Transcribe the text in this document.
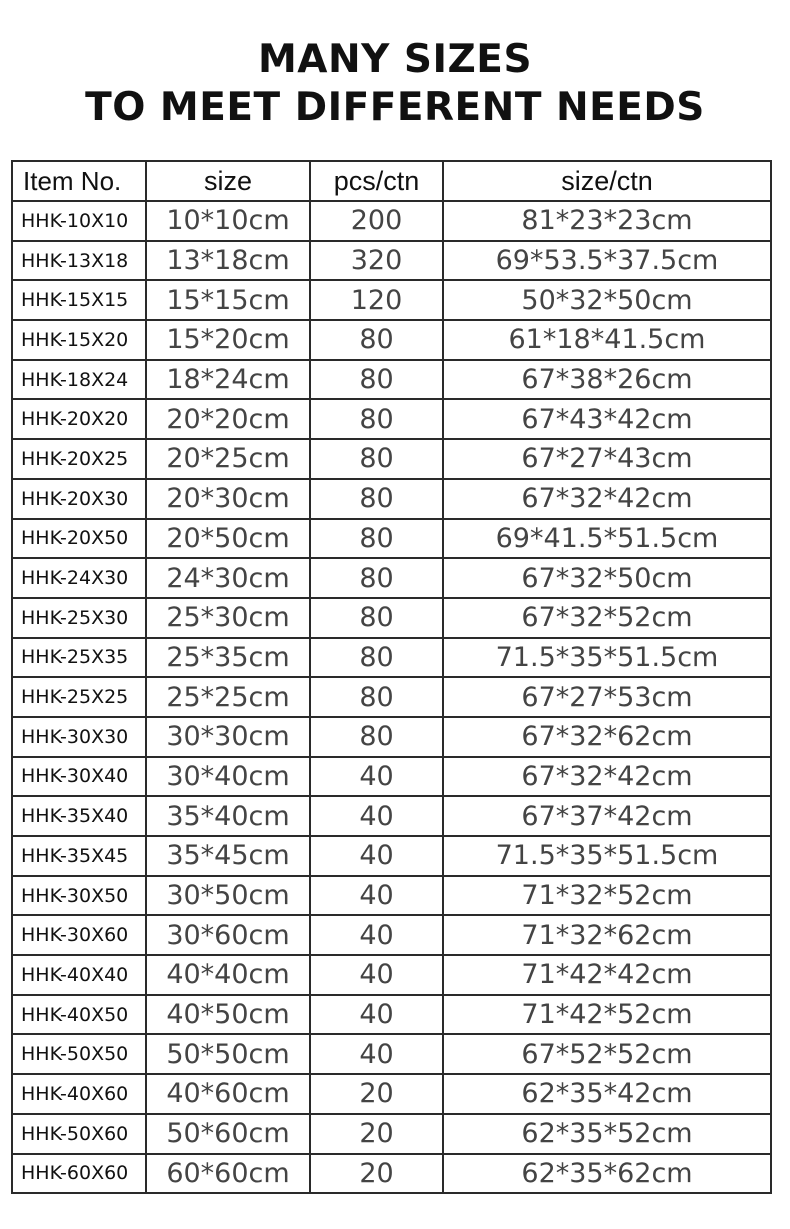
MANY SIZES
TO MEET DIFFERENT NEEDS
Item No.	size	pcs/ctn	size/ctn
HHK-10X10	10*10cm	200	81*23*23cm
HHK-13X18	13*18cm	320	69*53.5*37.5cm
HHK-15X15	15*15cm	120	50*32*50cm
HHK-15X20	15*20cm	80	61*18*41.5cm
HHK-18X24	18*24cm	80	67*38*26cm
HHK-20X20	20*20cm	80	67*43*42cm
HHK-20X25	20*25cm	80	67*27*43cm
HHK-20X30	20*30cm	80	67*32*42cm
HHK-20X50	20*50cm	80	69*41.5*51.5cm
HHK-24X30	24*30cm	80	67*32*50cm
HHK-25X30	25*30cm	80	67*32*52cm
HHK-25X35	25*35cm	80	71.5*35*51.5cm
HHK-25X25	25*25cm	80	67*27*53cm
HHK-30X30	30*30cm	80	67*32*62cm
HHK-30X40	30*40cm	40	67*32*42cm
HHK-35X40	35*40cm	40	67*37*42cm
HHK-35X45	35*45cm	40	71.5*35*51.5cm
HHK-30X50	30*50cm	40	71*32*52cm
HHK-30X60	30*60cm	40	71*32*62cm
HHK-40X40	40*40cm	40	71*42*42cm
HHK-40X50	40*50cm	40	71*42*52cm
HHK-50X50	50*50cm	40	67*52*52cm
HHK-40X60	40*60cm	20	62*35*42cm
HHK-50X60	50*60cm	20	62*35*52cm
HHK-60X60	60*60cm	20	62*35*62cm
